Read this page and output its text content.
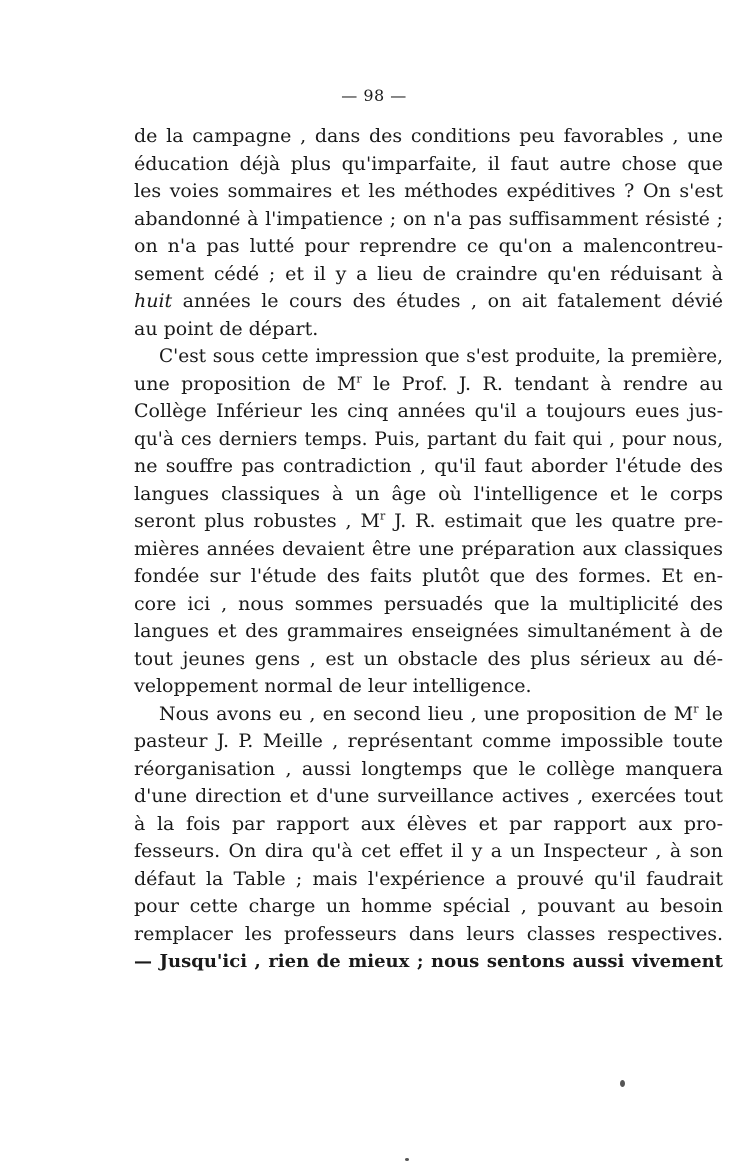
— 98 —
de la campagne , dans des conditions peu favorables , une
éducation déjà plus qu'imparfaite, il faut autre chose que
les voies sommaires et les méthodes expéditives ? On s'est
abandonné à l'impatience ; on n'a pas suffisamment résisté ;
on n'a pas lutté pour reprendre ce qu'on a malencontreu-
sement cédé ; et il y a lieu de craindre qu'en réduisant à
huit années le cours des études , on ait fatalement dévié
au point de départ.
C'est sous cette impression que s'est produite, la première,
une proposition de $M^r$ le Prof. J. R. tendant à rendre au
Collège Inférieur les cinq années qu'il a toujours eues jus-
qu'à ces derniers temps. Puis, partant du fait qui , pour nous,
ne souffre pas contradiction , qu'il faut aborder l'étude des
langues classiques à un âge où l'intelligence et le corps
seront plus robustes , $M^r$ J. R. estimait que les quatre pre-
mières années devaient être une préparation aux classiques
fondée sur l'étude des faits plutôt que des formes. Et en-
core ici , nous sommes persuadés que la multiplicité des
langues et des grammaires enseignées simultanément à de
tout jeunes gens , est un obstacle des plus sérieux au dé-
veloppement normal de leur intelligence.
Nous avons eu , en second lieu , une proposition de $M^r$ le
pasteur J. P. Meille , représentant comme impossible toute
réorganisation , aussi longtemps que le collège manquera
d'une direction et d'une surveillance actives , exercées tout
à la fois par rapport aux élèves et par rapport aux pro-
fesseurs. On dira qu'à cet effet il y a un Inspecteur , à son
défaut la Table ; mais l'expérience a prouvé qu'il faudrait
pour cette charge un homme spécial , pouvant au besoin
remplacer les professeurs dans leurs classes respectives.
— Jusqu'ici , rien de mieux ; nous sentons aussi vivement
